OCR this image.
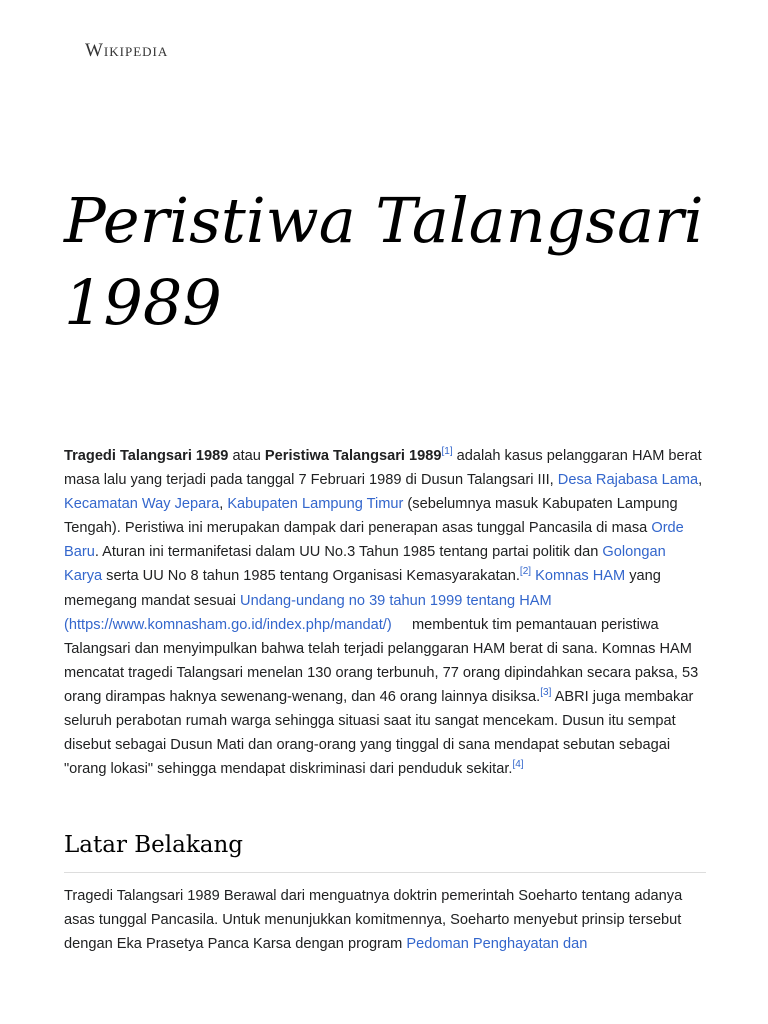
Wikipedia
Peristiwa Talangsari 1989

Tragedi Talangsari 1989 atau Peristiwa Talangsari 1989[1] adalah kasus pelanggaran HAM berat masa lalu yang terjadi pada tanggal 7 Februari 1989 di Dusun Talangsari III, Desa Rajabasa Lama, Kecamatan Way Jepara, Kabupaten Lampung Timur (sebelumnya masuk Kabupaten Lampung Tengah). Peristiwa ini merupakan dampak dari penerapan asas tunggal Pancasila di masa Orde Baru. Aturan ini termanifetasi dalam UU No.3 Tahun 1985 tentang partai politik dan Golongan Karya serta UU No 8 tahun 1985 tentang Organisasi Kemasyarakatan.[2] Komnas HAM yang memegang mandat sesuai Undang-undang no 39 tahun 1999 tentang HAM (https://www.komnasham.go.id/index.php/mandat/)     membentuk tim pemantauan peristiwa Talangsari dan menyimpulkan bahwa telah terjadi pelanggaran HAM berat di sana. Komnas HAM mencatat tragedi Talangsari menelan 130 orang terbunuh, 77 orang dipindahkan secara paksa, 53 orang dirampas haknya sewenang-wenang, dan 46 orang lainnya disiksa.[3] ABRI juga membakar seluruh perabotan rumah warga sehingga situasi saat itu sangat mencekam. Dusun itu sempat disebut sebagai Dusun Mati dan orang-orang yang tinggal di sana mendapat sebutan sebagai "orang lokasi" sehingga mendapat diskriminasi dari penduduk sekitar.[4]

Latar Belakang

Tragedi Talangsari 1989 Berawal dari menguatnya doktrin pemerintah Soeharto tentang adanya asas tunggal Pancasila. Untuk menunjukkan komitmennya, Soeharto menyebut prinsip tersebut dengan Eka Prasetya Panca Karsa dengan program Pedoman Penghayatan dan
